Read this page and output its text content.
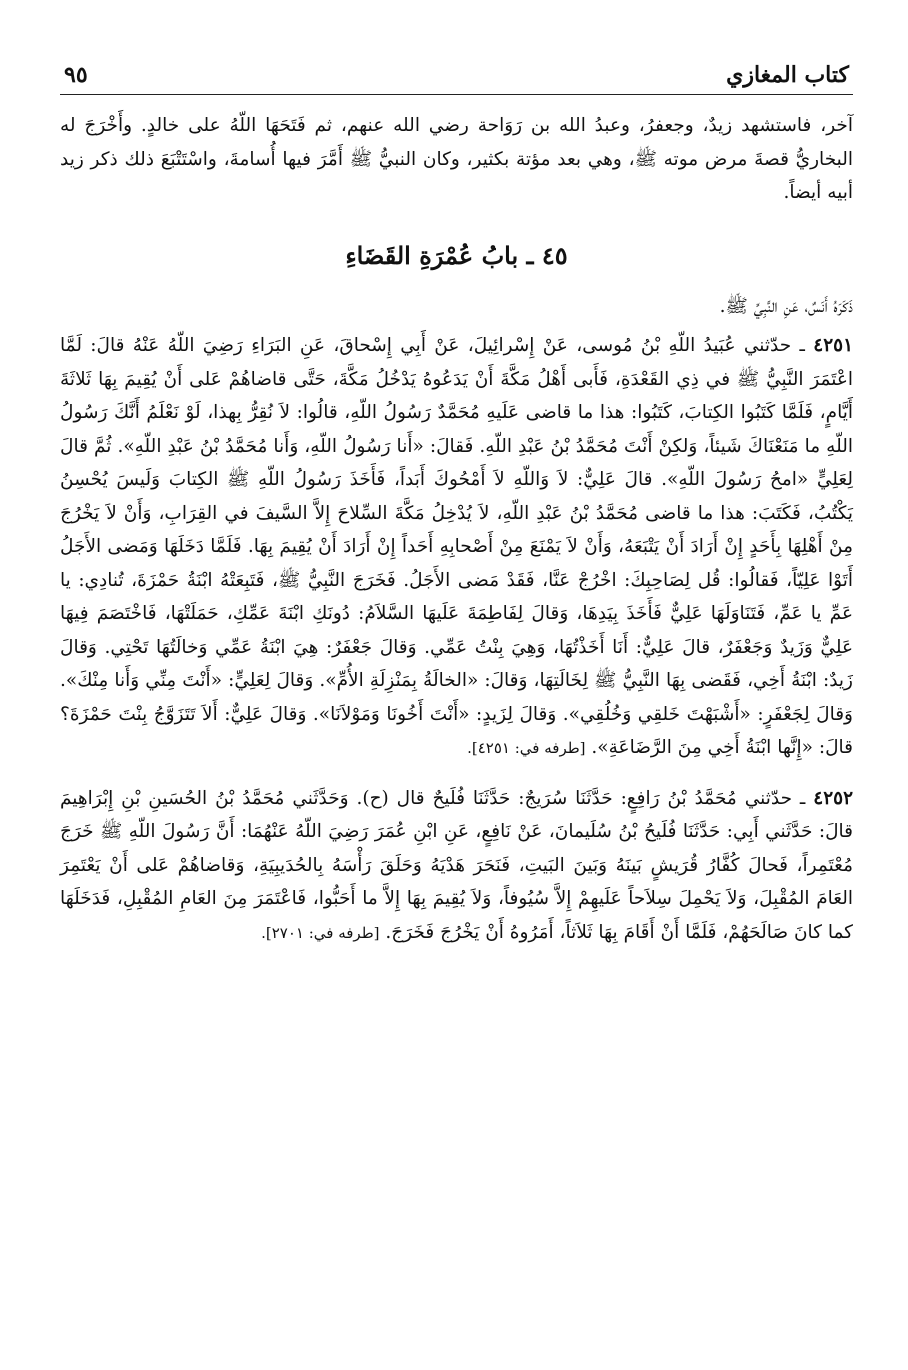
كتاب المغازي
٩٥

آخر، فاستشهد زيدٌ، وجعفرُ، وعبدُ الله بن رَوَاحة رضي الله عنهم، ثم فَتَحَهَا اللّهُ على خالدٍ. وأَخْرَجَ له البخاريُّ قصةَ مرض موته ﷺ، وهي بعد مؤتة بكثير، وكان النبيُّ ﷺ أَمَّرَ فيها أُسامةَ، واسْتَتْبَعَ ذلك ذكر زيد أبيه أيضاً.

٤٥ ـ بابُ عُمْرَةِ القَضَاءِ

ذَكَرَهُ أَنَسٌ، عَنِ النَّبِيِّ ﷺ.

٤٢٥١ ـ حدّثني عُبَيدُ اللّهِ بْنُ مُوسى، عَنْ إِسْرائِيلَ، عَنْ أَبِي إِسْحاقَ، عَنِ البَرَاءِ رَضِيَ اللّهُ عَنْهُ قالَ: لَمَّا اعْتَمَرَ النَّبِيُّ ﷺ في ذِي القَعْدَةِ، فَأَبى أَهْلُ مَكَّةَ أَنْ يَدَعُوهُ يَدْخُلُ مَكَّةَ، حَتَّى قاضاهُمْ عَلى أَنْ يُقِيمَ بِهَا ثَلاثَةَ أَيَّامٍ، فَلَمَّا كَتَبُوا الكِتابَ، كَتَبُوا: هذا ما قاضى عَلَيهِ مُحَمَّدٌ رَسُولُ اللّهِ، قالُوا: لاَ نُقِرُّ بِهذا، لَوْ نَعْلَمُ أَنَّكَ رَسُولُ اللّهِ ما مَنَعْنَاكَ شَيئاً، وَلكِنْ أَنْتَ مُحَمَّدُ بْنُ عَبْدِ اللّهِ. فَقالَ: «أَنا رَسُولُ اللّهِ، وَأَنا مُحَمَّدُ بْنُ عَبْدِ اللّهِ». ثُمَّ قالَ لِعَلِيٍّ «امحُ رَسُولَ اللّهِ». قالَ عَلِيٌّ: لاَ وَاللّهِ لاَ أَمْحُوكَ أَبَداً، فَأَخَذَ رَسُولُ اللّهِ ﷺ الكِتابَ وَلَيسَ يُحْسِنُ يَكْتُبُ، فَكَتَبَ: هذا ما قاضى مُحَمَّدُ بْنُ عَبْدِ اللّهِ، لاَ يُدْخِلُ مَكَّةَ السِّلاحَ إِلاَّ السَّيفَ في القِرَابِ، وَأَنْ لاَ يَخْرُجَ مِنْ أَهْلِهَا بِأَحَدٍ إِنْ أَرَادَ أَنْ يَتْبَعَهُ، وَأَنْ لاَ يَمْنَعَ مِنْ أَصْحابِهِ أَحَداً إِنْ أَرَادَ أَنْ يُقِيمَ بِهَا. فَلَمَّا دَخَلَهَا وَمَضى الأَجَلُ أَتَوْا عَلِيّاً، فَقالُوا: قُل لِصَاحِبِكَ: اخْرُجْ عَنَّا، فَقَدْ مَضى الأَجَلُ. فَخَرَجَ النَّبِيُّ ﷺ، فَتَبِعَتْهُ ابْنَةُ حَمْزَةَ، تُنادِي: يا عَمِّ يا عَمِّ، فَتَنَاوَلَهَا عَلِيٌّ فَأَخَذَ بِيَدِهَا، وَقالَ لِفَاطِمَةَ عَلَيهَا السَّلاَمُ: دُونَكِ ابْنَةَ عَمِّكِ، حَمَلَتْهَا، فَاخْتَصَمَ فِيهَا عَلِيٌّ وَزَيدٌ وَجَعْفَرٌ، قالَ عَلِيٌّ: أَنَا أَخَذْتُهَا، وَهِيَ بِنْتُ عَمِّي. وَقالَ جَعْفَرٌ: هِيَ ابْنَةُ عَمِّي وَخالَتُهَا تَحْتِي. وَقالَ زَيدٌ: ابْنَةُ أَخِي، فَقَضى بِهَا النَّبِيُّ ﷺ لِخَالَتِهَا، وَقالَ: «الخالَةُ بِمَنْزِلَةِ الأُمِّ». وَقالَ لِعَلِيٍّ: «أَنْتَ مِنِّي وَأَنا مِنْكَ». وَقالَ لِجَعْفَرٍ: «أَشْبَهْتَ خَلقِي وَخُلُقِي». وَقالَ لِزَيدٍ: «أَنْتَ أَخُونَا وَمَوْلاَنَا». وَقالَ عَلِيٌّ: أَلاَ تَتَزَوَّجُ بِنْتَ حَمْزَةَ؟ قالَ: «إِنَّها ابْنَةُ أَخِي مِنَ الرَّضَاعَةِ». [طرفه في: ٤٢٥١].

٤٢٥٢ ـ حدّثني مُحَمَّدُ بْنُ رَافِعٍ: حَدَّثَنَا سُرَيجٌ: حَدَّثَنَا فُلَيحٌ قال (ح). وَحَدَّثَني مُحَمَّدُ بْنُ الحُسَينِ بْنِ إِبْرَاهِيمَ قالَ: حَدَّثَني أَبِي: حَدَّثَنَا فُلَيحُ بْنُ سُلَيمانَ، عَنْ نَافِعٍ، عَنِ ابْنِ عُمَرَ رَضِيَ اللّهُ عَنْهُمَا: أَنَّ رَسُولَ اللّهِ ﷺ خَرَجَ مُعْتَمِراً، فَحالَ كُفَّارُ قُرَيشٍ بَينَهُ وَبَينَ البَيتِ، فَنَحَرَ هَدْيَهُ وَحَلَقَ رَأْسَهُ بِالحُدَيبِيَةِ، وَقاضاهُمْ عَلى أَنْ يَعْتَمِرَ العَامَ المُقْبِلَ، وَلاَ يَحْمِلَ سِلاَحاً عَلَيهِمْ إِلاَّ سُيُوفاً، وَلاَ يُقِيمَ بِهَا إِلاَّ ما أَحَبُّوا، فَاعْتَمَرَ مِنَ العَامِ المُقْبِلِ، فَدَخَلَهَا كما كانَ صَالَحَهُمْ، فَلَمَّا أَنْ أَقَامَ بِهَا ثَلاَثاً، أَمَرُوهُ أَنْ يَخْرُجَ فَخَرَجَ. [طرفه في: ٢٧٠١].
